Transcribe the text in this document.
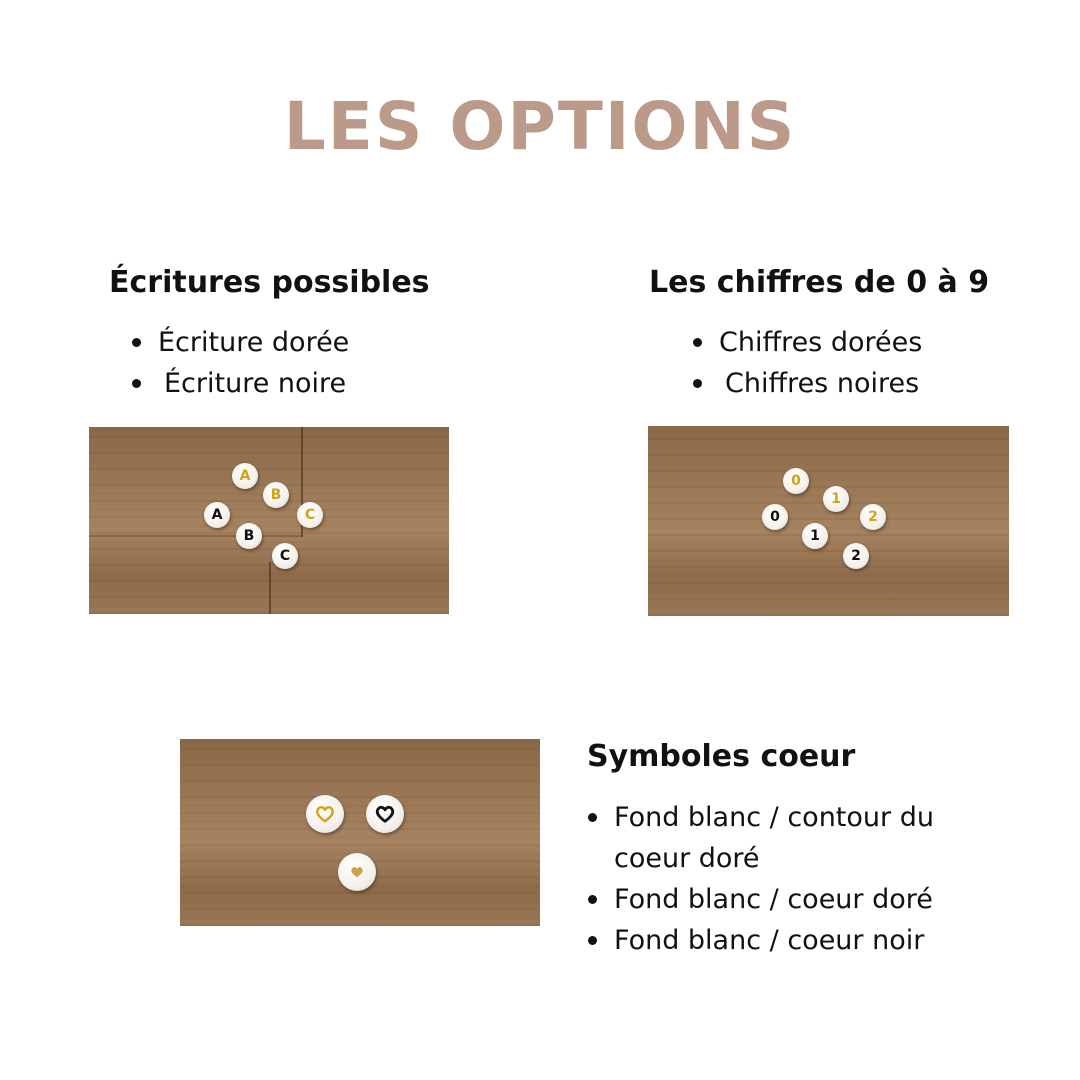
LES OPTIONS
Écritures possibles
Écriture dorée
Écriture noire
A
B
C
A
B
C
Les chiffres de 0 à 9
Chiffres dorées
Chiffres noires
0
1
2
0
1
2
Symboles coeur
Fond blanc / contour du coeur doré
Fond blanc / coeur doré
Fond blanc / coeur noir
